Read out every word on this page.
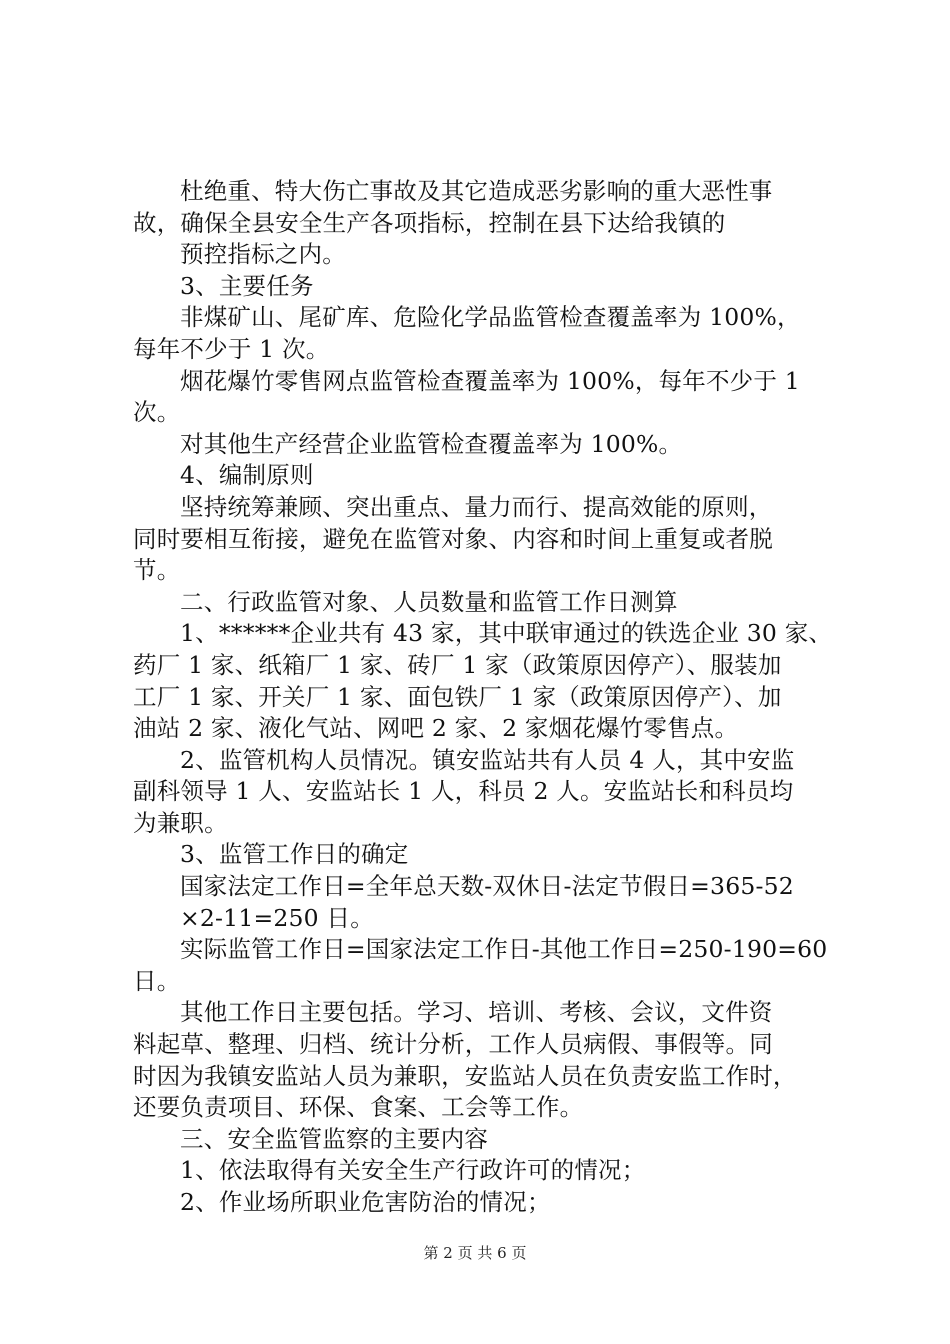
杜绝重、特大伤亡事故及其它造成恶劣影响的重大恶性事
故，确保全县安全生产各项指标，控制在县下达给我镇的
预控指标之内。
3、主要任务
非煤矿山、尾矿库、危险化学品监管检查覆盖率为 100%，
每年不少于 1 次。
烟花爆竹零售网点监管检查覆盖率为 100%，每年不少于 1
次。
对其他生产经营企业监管检查覆盖率为 100%。
4、编制原则
坚持统筹兼顾、突出重点、量力而行、提高效能的原则，
同时要相互衔接，避免在监管对象、内容和时间上重复或者脱
节。
二、行政监管对象、人员数量和监管工作日测算
1、******企业共有 43 家，其中联审通过的铁选企业 30 家、
药厂 1 家、纸箱厂 1 家、砖厂 1 家（政策原因停产）、服装加
工厂 1 家、开关厂 1 家、面包铁厂 1 家（政策原因停产）、加
油站 2 家、液化气站、网吧 2 家、2 家烟花爆竹零售点。
2、监管机构人员情况。镇安监站共有人员 4 人，其中安监
副科领导 1 人、安监站长 1 人，科员 2 人。安监站长和科员均
为兼职。
3、监管工作日的确定
国家法定工作日=全年总天数-双休日-法定节假日=365-52
×2-11=250 日。
实际监管工作日=国家法定工作日-其他工作日=250-190=60
日。
其他工作日主要包括。学习、培训、考核、会议，文件资
料起草、整理、归档、统计分析，工作人员病假、事假等。同
时因为我镇安监站人员为兼职，安监站人员在负责安监工作时，
还要负责项目、环保、食案、工会等工作。
三、安全监管监察的主要内容
1、依法取得有关安全生产行政许可的情况；
2、作业场所职业危害防治的情况；
第 2 页 共 6 页
